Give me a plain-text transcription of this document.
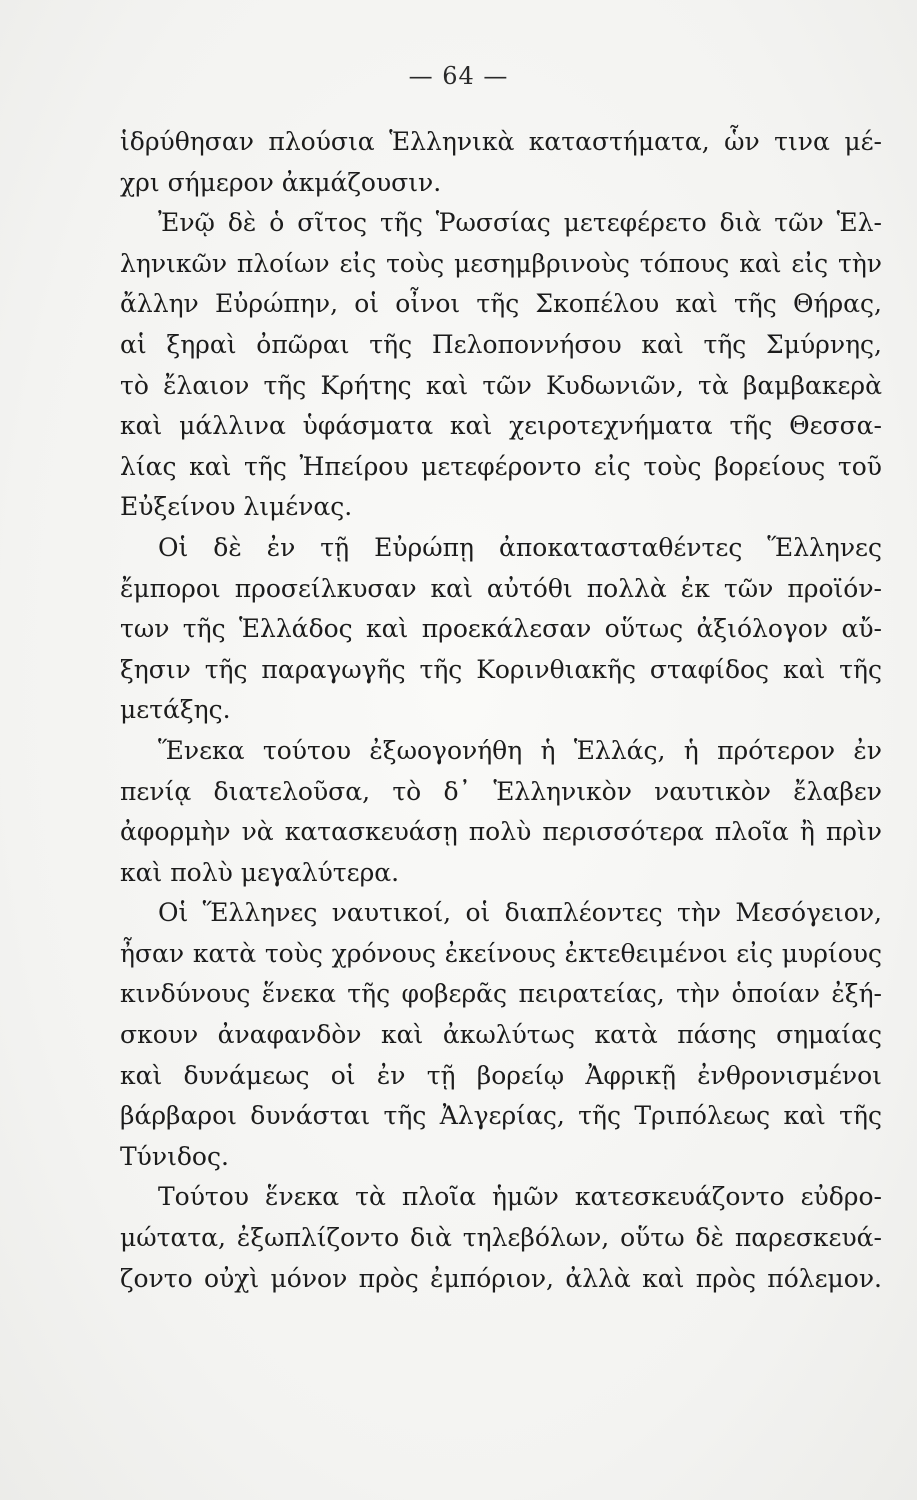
— 64 —
ἱδρύθησαν πλούσια Ἑλληνικὰ καταστήματα, ὧν τινα μέ-
χρι σήμερον ἀκμάζουσιν.
Ἐνῷ δὲ ὁ σῖτος τῆς Ῥωσσίας μετεφέρετο διὰ τῶν Ἑλ-
ληνικῶν πλοίων εἰς τοὺς μεσημβρινοὺς τόπους καὶ εἰς τὴν
ἄλλην Εὐρώπην, οἱ οἶνοι τῆς Σκοπέλου καὶ τῆς Θήρας,
αἱ ξηραὶ ὀπῶραι τῆς Πελοποννήσου καὶ τῆς Σμύρνης,
τὸ ἔλαιον τῆς Κρήτης καὶ τῶν Κυδωνιῶν, τὰ βαμβακερὰ
καὶ μάλλινα ὑφάσματα καὶ χειροτεχνήματα τῆς Θεσσα-
λίας καὶ τῆς Ἠπείρου μετεφέροντο εἰς τοὺς βορείους τοῦ
Εὐξείνου λιμένας.
Οἱ δὲ ἐν τῇ Εὐρώπῃ ἀποκατασταθέντες Ἕλληνες
ἔμποροι προσείλκυσαν καὶ αὐτόθι πολλὰ ἐκ τῶν προϊόν-
των τῆς Ἑλλάδος καὶ προεκάλεσαν οὕτως ἀξιόλογον αὔ-
ξησιν τῆς παραγωγῆς τῆς Κορινθιακῆς σταφίδος καὶ τῆς
μετάξης.
Ἕνεκα τούτου ἐξωογονήθη ἡ Ἑλλάς, ἡ πρότερον ἐν
πενίᾳ διατελοῦσα, τὸ δ᾽ Ἑλληνικὸν ναυτικὸν ἔλαβεν
ἀφορμὴν νὰ κατασκευάσῃ πολὺ περισσότερα πλοῖα ἢ πρὶν
καὶ πολὺ μεγαλύτερα.
Οἱ Ἕλληνες ναυτικοί, οἱ διαπλέοντες τὴν Μεσόγειον,
ἦσαν κατὰ τοὺς χρόνους ἐκείνους ἐκτεθειμένοι εἰς μυρίους
κινδύνους ἕνεκα τῆς φοβερᾶς πειρατείας, τὴν ὁποίαν ἐξή-
σκουν ἀναφανδὸν καὶ ἀκωλύτως κατὰ πάσης σημαίας
καὶ δυνάμεως οἱ ἐν τῇ βορείῳ Ἀφρικῇ ἐνθρονισμένοι
βάρβαροι δυνάσται τῆς Ἀλγερίας, τῆς Τριπόλεως καὶ τῆς
Τύνιδος.
Τούτου ἕνεκα τὰ πλοῖα ἡμῶν κατεσκευάζοντο εὐδρο-
μώτατα, ἐξωπλίζοντο διὰ τηλεβόλων, οὕτω δὲ παρεσκευά-
ζοντο οὐχὶ μόνον πρὸς ἐμπόριον, ἀλλὰ καὶ πρὸς πόλεμον.
